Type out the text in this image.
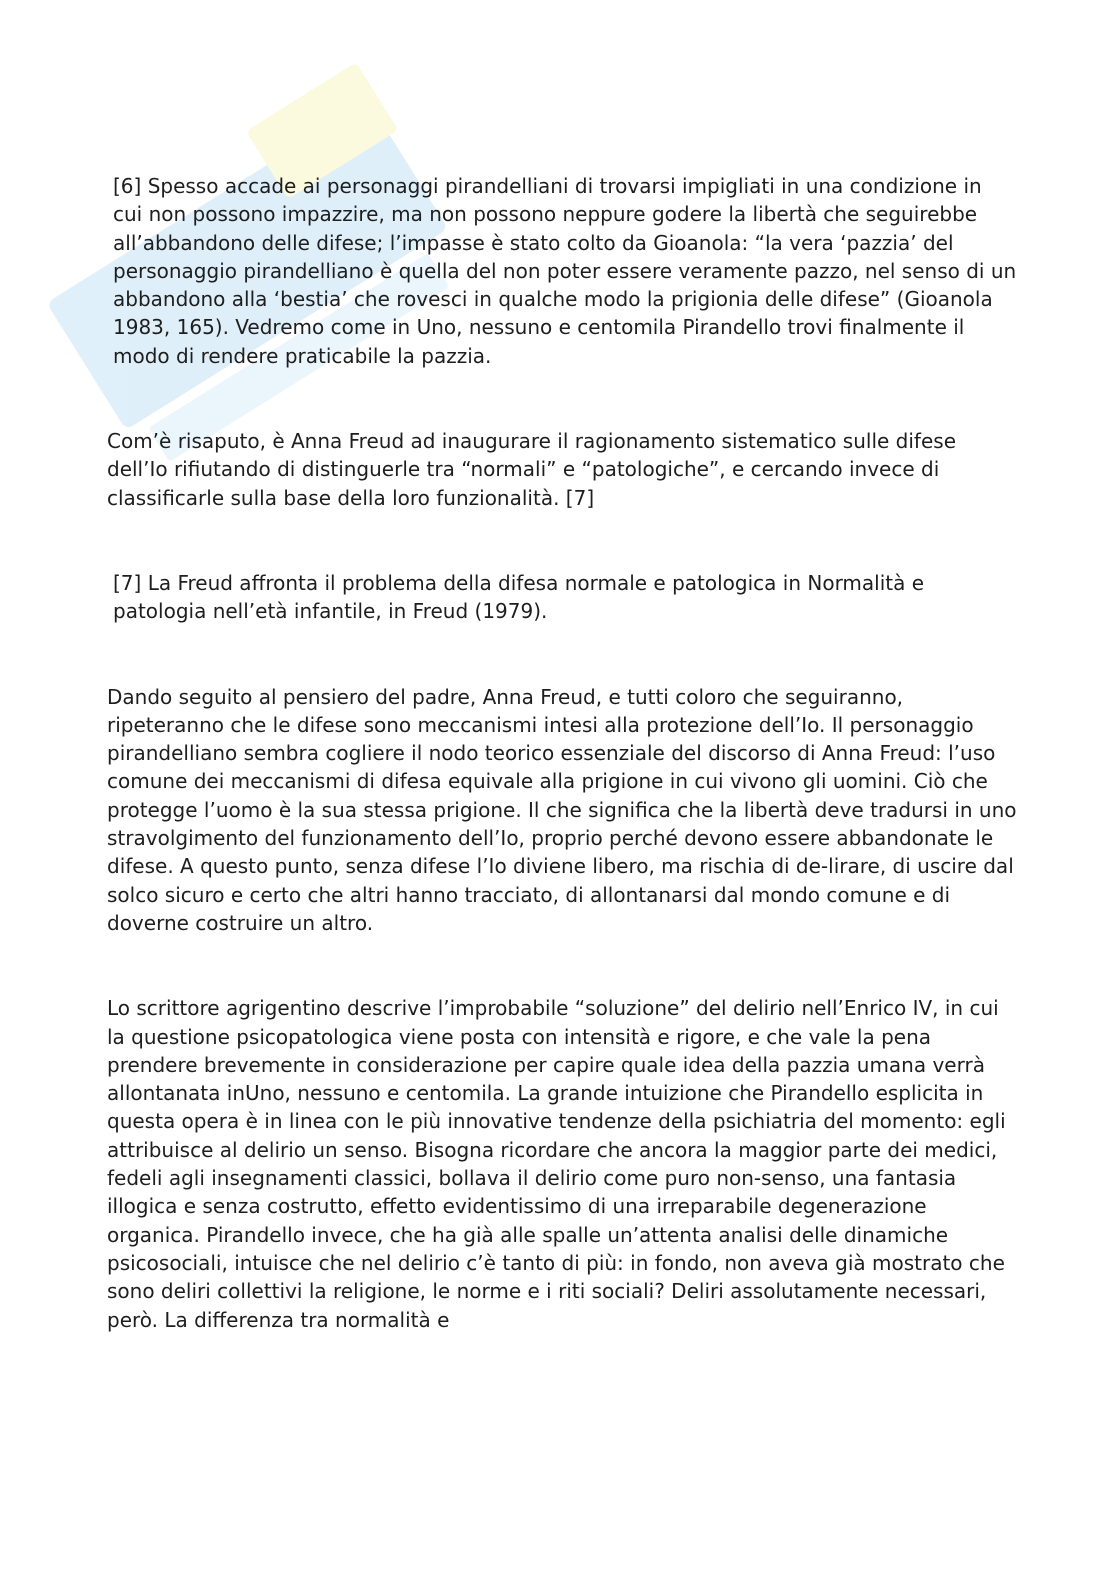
[6] Spesso accade ai personaggi pirandelliani di trovarsi impigliati in una condizione in cui non possono impazzire, ma non possono neppure godere la libertà che seguirebbe all’abbandono delle difese; l’impasse è stato colto da Gioanola: “la vera ‘pazzia’ del personaggio pirandelliano è quella del non poter essere veramente pazzo, nel senso di un abbandono alla ‘bestia’ che rovesci in qualche modo la prigionia delle difese” (Gioanola 1983, 165). Vedremo come in Uno, nessuno e centomila Pirandello trovi finalmente il modo di rendere praticabile la pazzia.

Com’è risaputo, è Anna Freud ad inaugurare il ragionamento sistematico sulle difese dell’Io rifiutando di distinguerle tra “normali” e “patologiche”, e cercando invece di classificarle sulla base della loro funzionalità. [7]

[7] La Freud affronta il problema della difesa normale e patologica in Normalità e patologia nell’età infantile, in Freud (1979).

Dando seguito al pensiero del padre, Anna Freud, e tutti coloro che seguiranno, ripeteranno che le difese sono meccanismi intesi alla protezione dell’Io. Il personaggio pirandelliano sembra cogliere il nodo teorico essenziale del discorso di Anna Freud: l’uso comune dei meccanismi di difesa equivale alla prigione in cui vivono gli uomini. Ciò che protegge l’uomo è la sua stessa prigione. Il che significa che la libertà deve tradursi in uno stravolgimento del funzionamento dell’Io, proprio perché devono essere abbandonate le difese. A questo punto, senza difese l’Io diviene libero, ma rischia di de-lirare, di uscire dal solco sicuro e certo che altri hanno tracciato, di allontanarsi dal mondo comune e di doverne costruire un altro.

Lo scrittore agrigentino descrive l’improbabile “soluzione” del delirio nell’Enrico IV, in cui la questione psicopatologica viene posta con intensità e rigore, e che vale la pena prendere brevemente in considerazione per capire quale idea della pazzia umana verrà allontanata inUno, nessuno e centomila. La grande intuizione che Pirandello esplicita in questa opera è in linea con le più innovative tendenze della psichiatria del momento: egli attribuisce al delirio un senso. Bisogna ricordare che ancora la maggior parte dei medici, fedeli agli insegnamenti classici, bollava il delirio come puro non-senso, una fantasia illogica e senza costrutto, effetto evidentissimo di una irreparabile degenerazione organica. Pirandello invece, che ha già alle spalle un’attenta analisi delle dinamiche psicosociali, intuisce che nel delirio c’è tanto di più: in fondo, non aveva già mostrato che sono deliri collettivi la religione, le norme e i riti sociali? Deliri assolutamente necessari, però. La differenza tra normalità e
